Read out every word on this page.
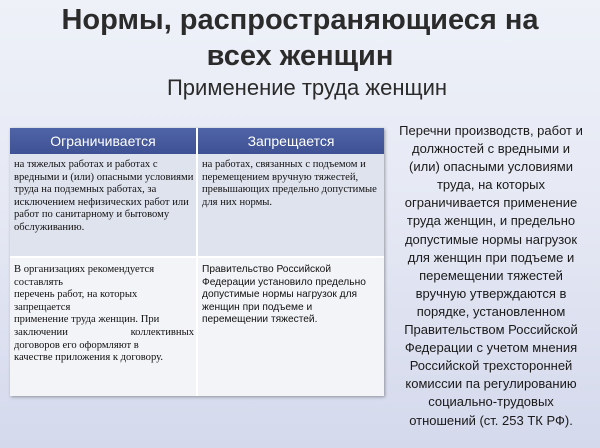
Нормы, распространяющиеся на
всех женщин
Применение труда женщин
Ограничивается	Запрещается
на тяжелых работах и работах с вредными и (или) опасными условиями труда на подземных работах, за исключением нефизических работ или работ по санитарному и бытовому обслуживанию.
на работах, связанных с подъемом и перемещением вручную тяжестей, превышающих предельно допустимые для них нормы.
В организациях рекомендуется
составлять
перечень работ, на которых
запрещается
применение труда женщин. При
заключении коллективных
договоров его оформляют в
качестве приложения к договору.
Правительство Российской Федерации установило предельно допустимые нормы нагрузок для женщин при подъеме и перемещении тяжестей.
Перечни производств, работ и
должностей с вредными и
(или) опасными условиями
труда, на которых
ограничивается применение
труда женщин, и предельно
допустимые нормы нагрузок
для женщин при подъеме и
перемещении тяжестей
вручную утверждаются в
порядке, установленном
Правительством Российской
Федерации с учетом мнения
Российской трехсторонней
комиссии па регулированию
социально-трудовых
отношений (ст. 253 ТК РФ).
